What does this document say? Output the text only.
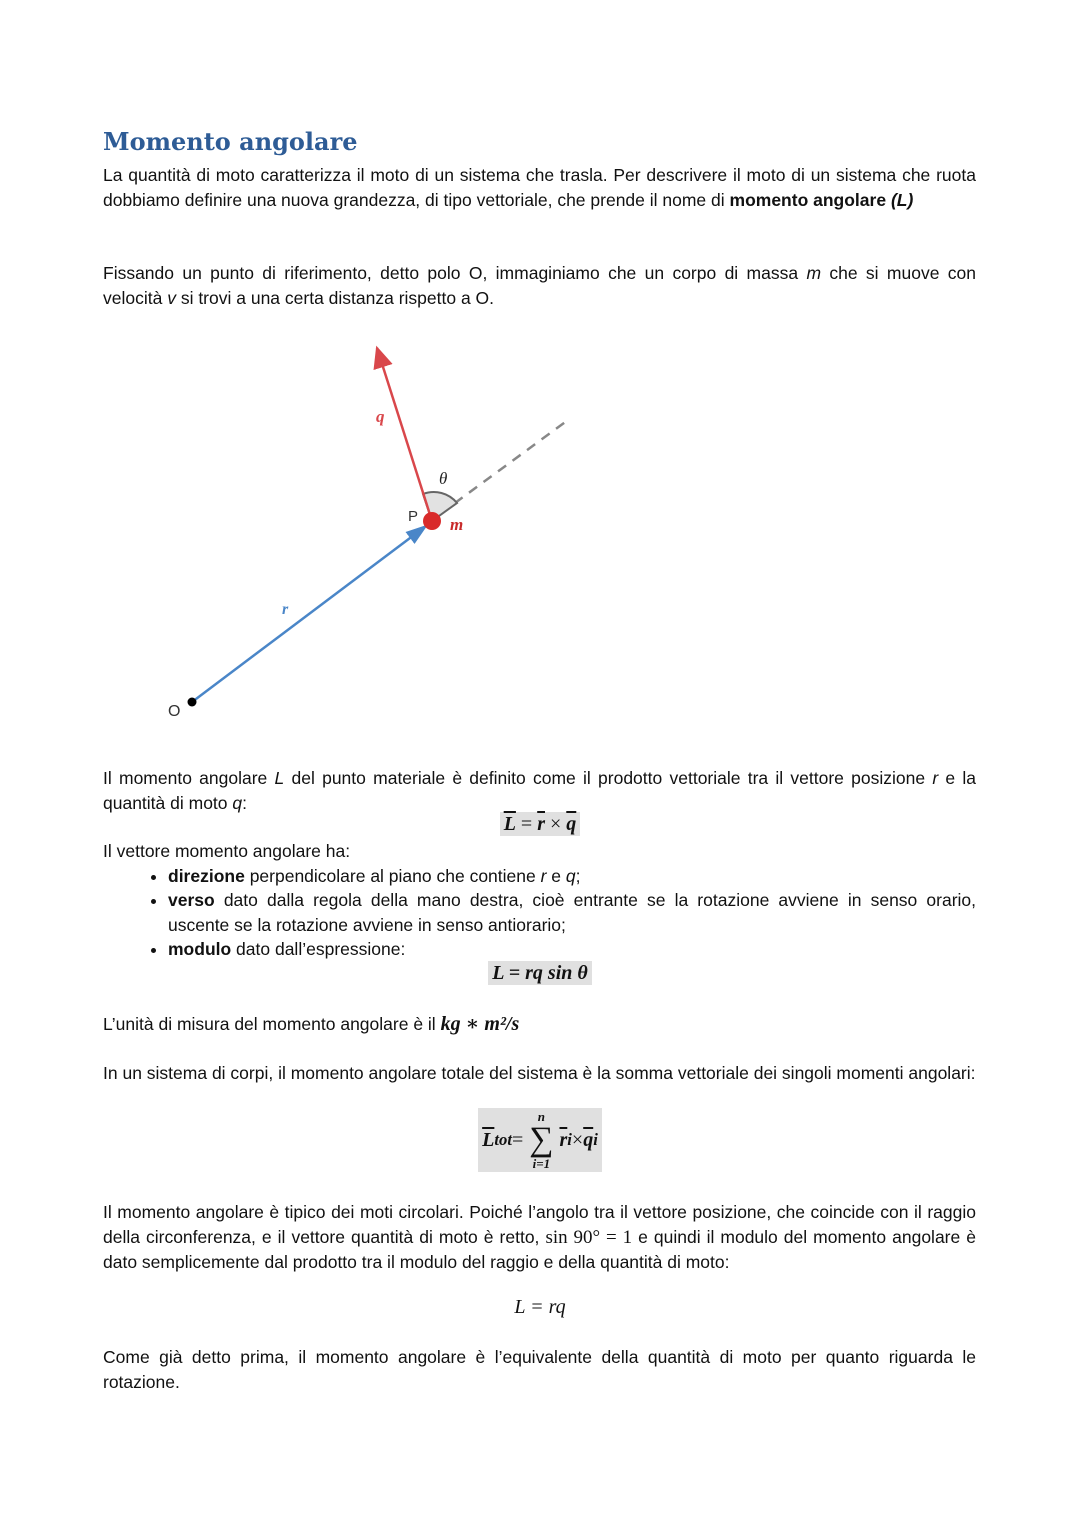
Momento angolare
La quantità di moto caratterizza il moto di un sistema che trasla. Per descrivere il moto di un sistema che ruota dobbiamo definire una nuova grandezza, di tipo vettoriale, che prende il nome di momento angolare (L)
Fissando un punto di riferimento, detto polo O, immaginiamo che un corpo di massa m che si muove con velocità v si trovi a una certa distanza rispetto a O.
q⃗
θ
P m
r⃗
O
Il momento angolare L del punto materiale è definito come il prodotto vettoriale tra il vettore posizione r e la quantità di moto q:
$\overline{L} = \overline{r} \times \overline{q}$
Il vettore momento angolare ha:
• direzione perpendicolare al piano che contiene r e q;
• verso dato dalla regola della mano destra, cioè entrante se la rotazione avviene in senso orario, uscente se la rotazione avviene in senso antiorario;
• modulo dato dall’espressione:
L = rq sin θ
L’unità di misura del momento angolare è il kg ∗ m²/s
In un sistema di corpi, il momento angolare totale del sistema è la somma vettoriale dei singoli momenti angolari:
$\overline{L}$ tot =
n
∑
i=1
$\overline{r}$ $i \times \overline{q}$ i
Il momento angolare è tipico dei moti circolari. Poiché l’angolo tra il vettore posizione, che coincide con il raggio della circonferenza, e il vettore quantità di moto è retto, sin 90° = 1 e quindi il modulo del momento angolare è dato semplicemente dal prodotto tra il modulo del raggio e della quantità di moto:
L = rq
Come già detto prima, il momento angolare è l’equivalente della quantità di moto per quanto riguarda le rotazione.
